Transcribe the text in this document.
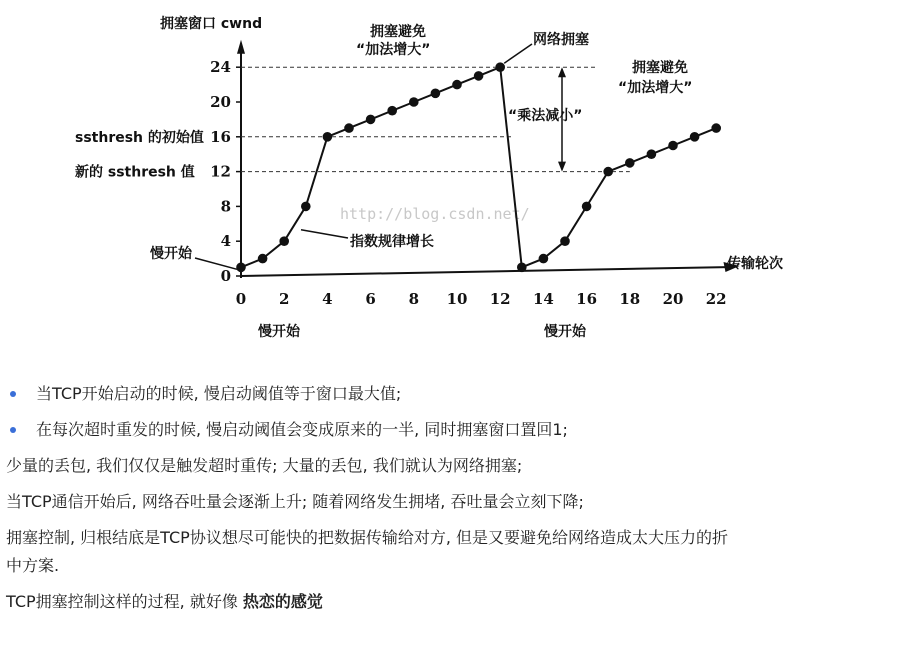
http://blog.csdn.net/
拥塞窗口 cwnd
传输轮次
0
4
8
12
16
20
24
0 2 4 6 8 10 12 14 16 18 20 22
ssthresh 的初始值
新的 ssthresh 值
拥塞避免
“加法增大”
网络拥塞
拥塞避免
“加法增大”
“乘法减小”
指数规律增长
慢开始
慢开始	慢开始
当TCP开始启动的时候, 慢启动阈值等于窗口最大值;
在每次超时重发的时候, 慢启动阈值会变成原来的一半, 同时拥塞窗口置回1;

少量的丢包, 我们仅仅是触发超时重传; 大量的丢包, 我们就认为网络拥塞;

当TCP通信开始后, 网络吞吐量会逐渐上升; 随着网络发生拥堵, 吞吐量会立刻下降;

拥塞控制, 归根结底是TCP协议想尽可能快的把数据传输给对方, 但是又要避免给网络造成太大压力的折
中方案.

TCP拥塞控制这样的过程, 就好像 热恋的感觉
